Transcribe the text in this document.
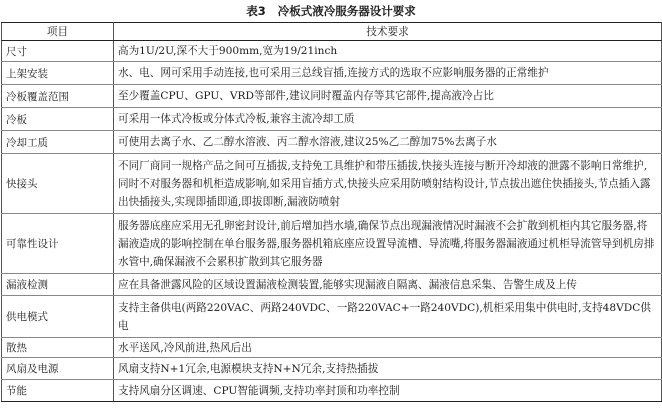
表3 冷板式液冷服务器设计要求
项目	技术要求
尺寸	高为1U/2U,深不大于900mm,宽为19/21inch
上架安装	水、电、网可采用手动连接,也可采用三总线盲插,连接方式的选取不应影响服务器的正常维护
冷板覆盖范围	至少覆盖CPU、GPU、VRD等部件,建议同时覆盖内存等其它部件,提高液冷占比
冷板	可采用一体式冷板或分体式冷板,兼容主流冷却工质
冷却工质	可使用去离子水、乙二醇水溶液、丙二醇水溶液,建议25%乙二醇加75%去离子水
快接头	不同厂商同一规格产品之间可互插拔,支持免工具维护和带压插拔,快接头连接与断开冷却液的泄露不影响日常维护,同时不对服务器和机柜造成影响,如采用盲插方式,快接头应采用防喷射结构设计,节点拔出遮住快插接头,节点插入露出快插接头,实现即插即通,即拔即断,漏液防喷射
可靠性设计	服务器底座应采用无孔卵密封设计,前后增加挡水墙,确保节点出现漏液情况时漏液不会扩散到机柜内其它服务器,将漏液造成的影响控制在单台服务器,服务器机箱底座应设置导流槽、导流嘴,将服务器漏液通过机柜导流管导到机房排水管中,确保漏液不会累积扩散到其它服务器
漏液检测	应在具备泄露风险的区域设置漏液检测装置,能够实现漏液自隔离、漏液信息采集、告警生成及上传
供电模式	支持主备供电(两路220VAC、两路240VDC、一路220VAC+一路240VDC),机柜采用集中供电时,支持48VDC供电
散热	水平送风,冷风前进,热风后出
风扇及电源	风扇支持N+1冗余,电源模块支持N+N冗余,支持热插拔
节能	支持风扇分区调速、CPU智能调频,支持功率封顶和功率控制
